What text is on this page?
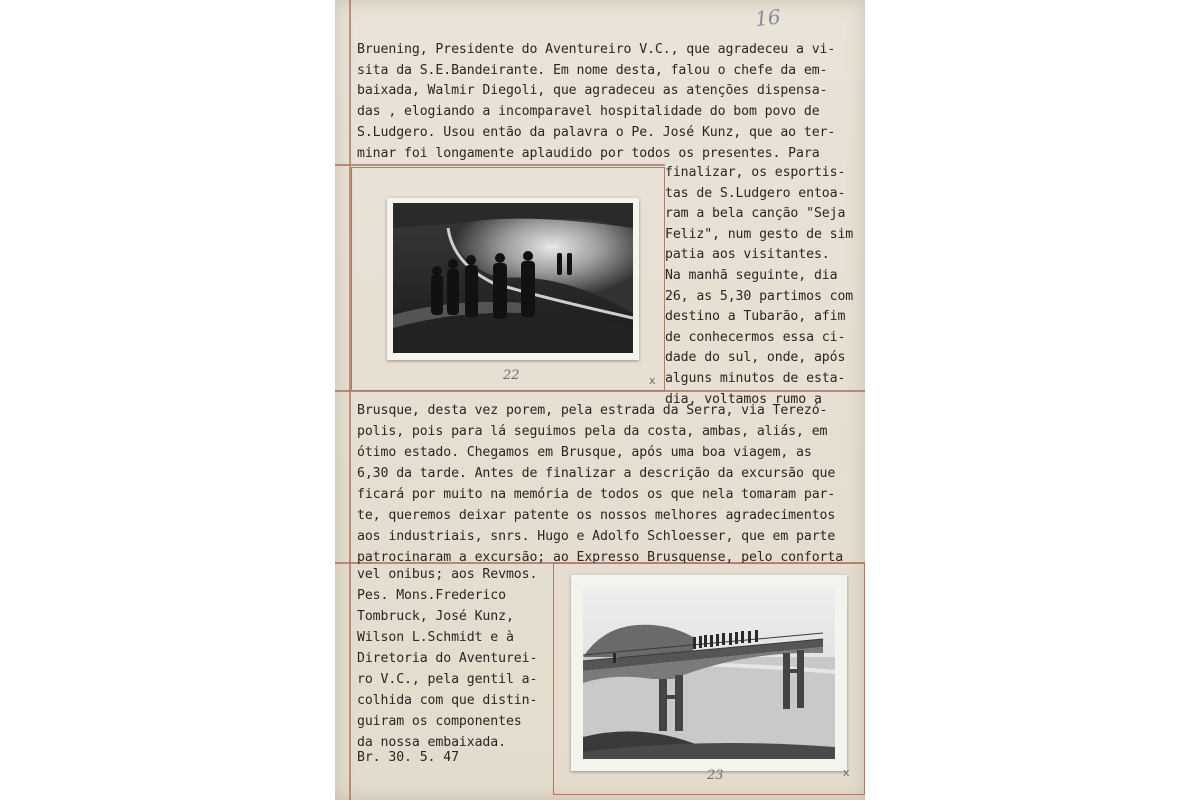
16
Bruening, Presidente do Aventureiro V.C., que agradeceu a vi-
sita da S.E.Bandeirante. Em nome desta, falou o chefe da em-
baixada, Walmir Diegoli, que agradeceu as atenções dispensa-
das , elogiando a incomparavel hospitalidade do bom povo de
S.Ludgero. Usou então da palavra o Pe. José Kunz, que ao ter-
minar foi longamente aplaudido por todos os presentes. Para
finalizar, os esportis-
tas de S.Ludgero entoa-
ram a bela canção "Seja
Feliz", num gesto de sim
patia aos visitantes.
Na manhã seguinte, dia
26, as 5,30 partimos com
destino a Tubarão, afim
de conhecermos essa ci-
dade do sul, onde, após
alguns minutos de esta-
dia, voltamos rumo a
Brusque, desta vez porem, pela estrada da Serra, via Terezó-
polis, pois para lá seguimos pela da costa, ambas, aliás, em
ótimo estado. Chegamos em Brusque, após uma boa viagem, as
6,30 da tarde. Antes de finalizar a descrição da excursão que
ficará por muito na memória de todos os que nela tomaram par-
te, queremos deixar patente os nossos melhores agradecimentos
aos industriais, snrs. Hugo e Adolfo Schloesser, que em parte
patrocinaram a excursão; ao Expresso Brusquense, pelo conforta
vel onibus; aos Revmos.
Pes. Mons.Frederico
Tombruck, José Kunz,
Wilson L.Schmidt e à
Diretoria do Aventurei-
ro V.C., pela gentil a-
colhida com que distin-
guiram os componentes
da nossa embaixada.
Br. 30. 5. 47
22	x
23	x
